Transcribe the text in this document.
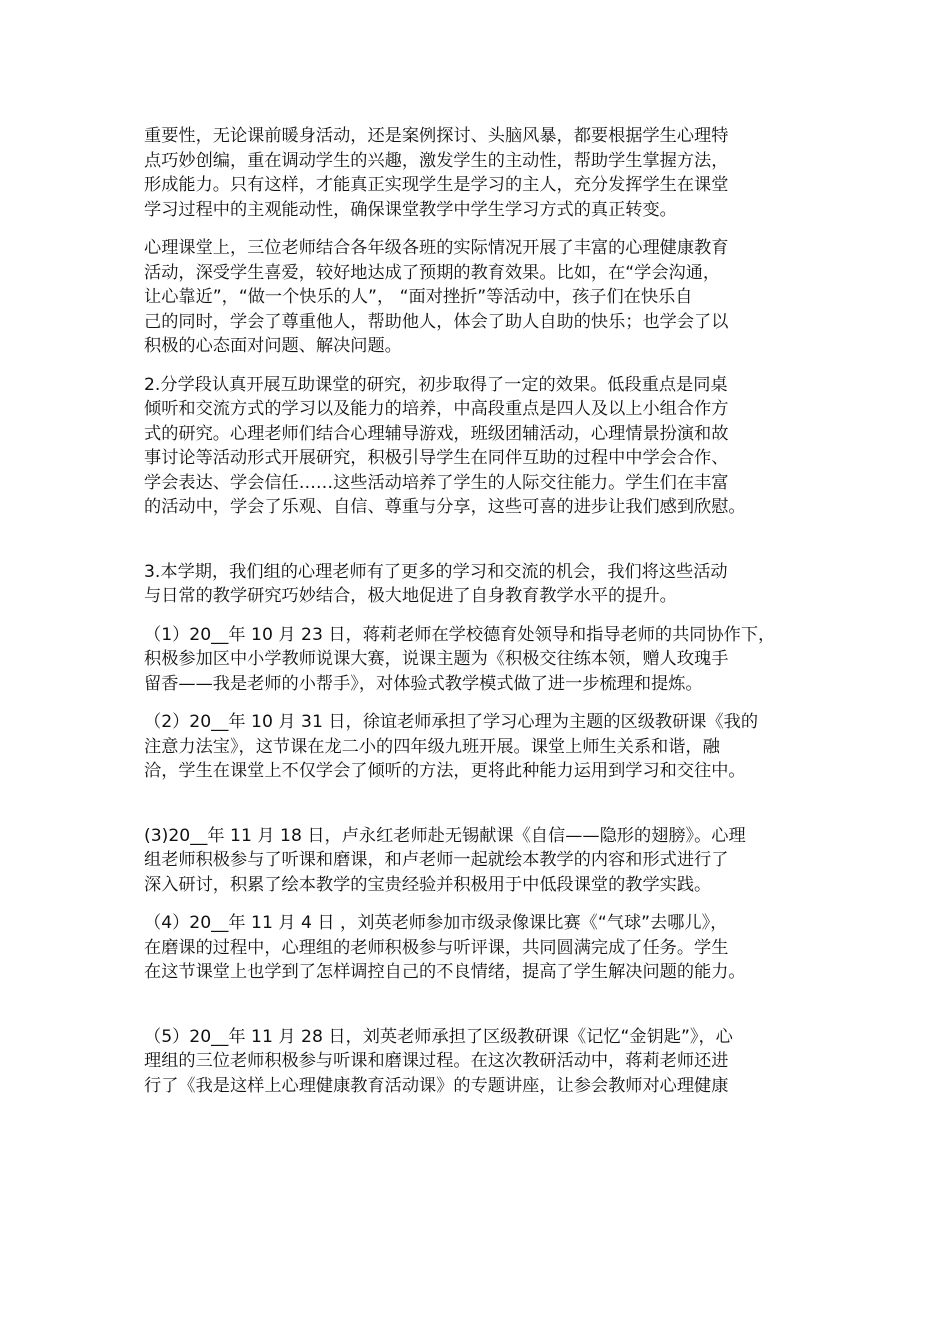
重要性，无论课前暖身活动，还是案例探讨、头脑风暴，都要根据学生心理特
点巧妙创编，重在调动学生的兴趣，激发学生的主动性，帮助学生掌握方法，
形成能力。只有这样，才能真正实现学生是学习的主人，充分发挥学生在课堂
学习过程中的主观能动性，确保课堂教学中学生学习方式的真正转变。

心理课堂上，三位老师结合各年级各班的实际情况开展了丰富的心理健康教育
活动，深受学生喜爱，较好地达成了预期的教育效果。比如，在“学会沟通，
让心靠近”，“做一个快乐的人”， “面对挫折”等活动中，孩子们在快乐自
己的同时，学会了尊重他人，帮助他人，体会了助人自助的快乐；也学会了以
积极的心态面对问题、解决问题。

2.分学段认真开展互助课堂的研究，初步取得了一定的效果。低段重点是同桌
倾听和交流方式的学习以及能力的培养，中高段重点是四人及以上小组合作方
式的研究。心理老师们结合心理辅导游戏，班级团辅活动，心理情景扮演和故
事讨论等活动形式开展研究，积极引导学生在同伴互助的过程中中学会合作、
学会表达、学会信任……这些活动培养了学生的人际交往能力。学生们在丰富
的活动中，学会了乐观、自信、尊重与分享，这些可喜的进步让我们感到欣慰。

3.本学期，我们组的心理老师有了更多的学习和交流的机会，我们将这些活动
与日常的教学研究巧妙结合，极大地促进了自身教育教学水平的提升。

（1）20__年 10 月 23 日，蒋莉老师在学校德育处领导和指导老师的共同协作下，
积极参加区中小学教师说课大赛，说课主题为《积极交往练本领，赠人玫瑰手
留香——我是老师的小帮手》，对体验式教学模式做了进一步梳理和提炼。

（2）20__年 10 月 31 日，徐谊老师承担了学习心理为主题的区级教研课《我的
注意力法宝》，这节课在龙二小的四年级九班开展。课堂上师生关系和谐，融
洽，学生在课堂上不仅学会了倾听的方法，更将此种能力运用到学习和交往中。

(3)20__年 11 月 18 日，卢永红老师赴无锡献课《自信——隐形的翅膀》。心理
组老师积极参与了听课和磨课，和卢老师一起就绘本教学的内容和形式进行了
深入研讨，积累了绘本教学的宝贵经验并积极用于中低段课堂的教学实践。

（4）20__年 11 月 4 日 ，刘英老师参加市级录像课比赛《“气球”去哪儿》，
在磨课的过程中，心理组的老师积极参与听评课，共同圆满完成了任务。学生
在这节课堂上也学到了怎样调控自己的不良情绪，提高了学生解决问题的能力。

（5）20__年 11 月 28 日，刘英老师承担了区级教研课《记忆“金钥匙”》，心
理组的三位老师积极参与听课和磨课过程。在这次教研活动中，蒋莉老师还进
行了《我是这样上心理健康教育活动课》的专题讲座，让参会教师对心理健康
